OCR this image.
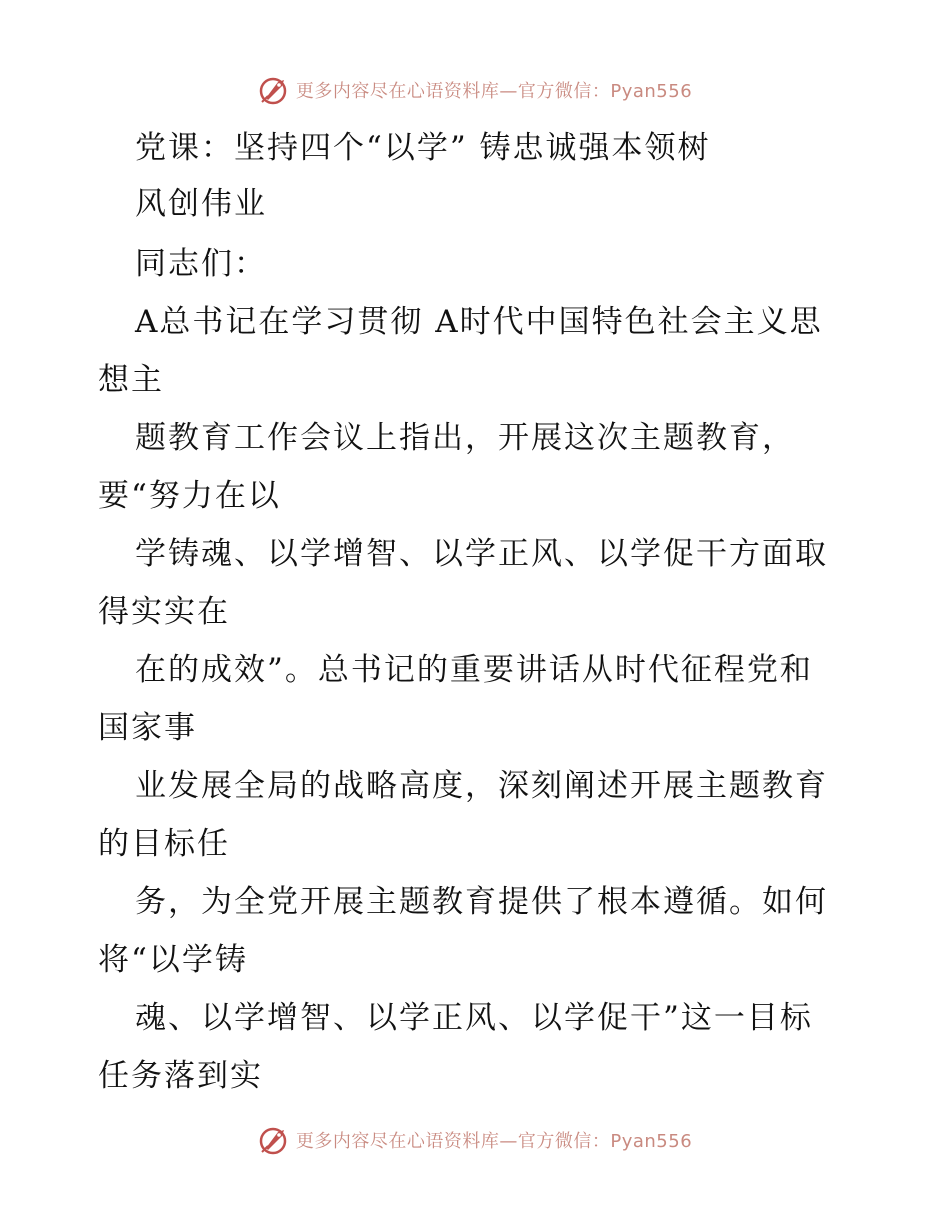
更多内容尽在心语资料库—官方微信：Pyan556
党课：坚持四个“以学” 铸忠诚强本领树
风创伟业
同志们：
A总书记在学习贯彻 A时代中国特色社会主义思
想主
题教育工作会议上指出，开展这次主题教育，
要“努力在以
学铸魂、以学增智、以学正风、以学促干方面取
得实实在
在的成效”。总书记的重要讲话从时代征程党和
国家事
业发展全局的战略高度，深刻阐述开展主题教育
的目标任
务，为全党开展主题教育提供了根本遵循。如何
将“以学铸
魂、以学增智、以学正风、以学促干”这一目标
任务落到实
更多内容尽在心语资料库—官方微信：Pyan556
